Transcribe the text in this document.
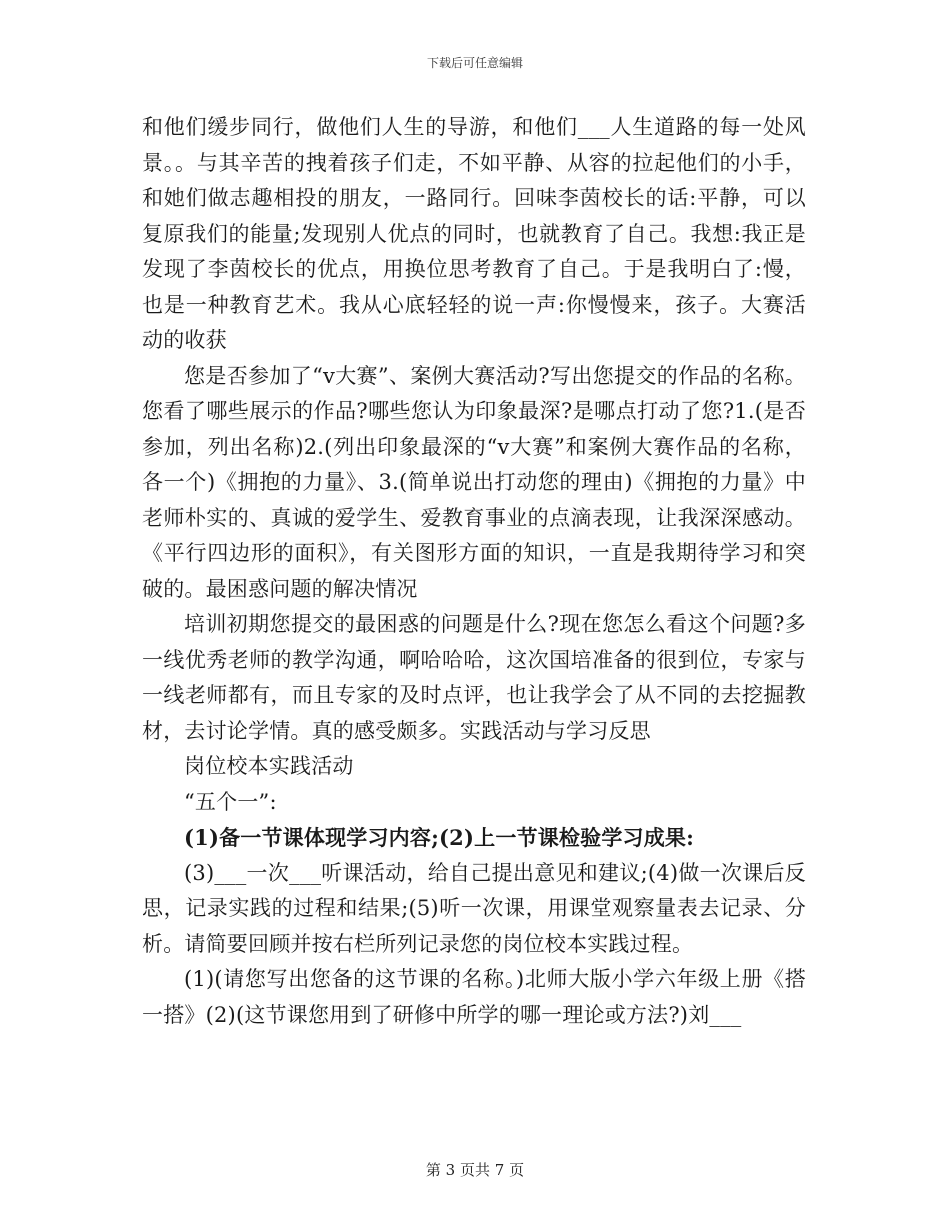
下载后可任意编辑

和他们缓步同行，做他们人生的导游，和他们___人生道路的每一处风景。。与其辛苦的拽着孩子们走，不如平静、从容的拉起他们的小手，和她们做志趣相投的朋友，一路同行。回味李茵校长的话:平静，可以复原我们的能量;发现别人优点的同时，也就教育了自己。我想:我正是发现了李茵校长的优点，用换位思考教育了自己。于是我明白了:慢，也是一种教育艺术。我从心底轻轻的说一声:你慢慢来，孩子。大赛活动的收获

您是否参加了“v大赛”、案例大赛活动?写出您提交的作品的名称。您看了哪些展示的作品?哪些您认为印象最深?是哪点打动了您?1.(是否参加，列出名称)2.(列出印象最深的“v大赛”和案例大赛作品的名称，各一个)《拥抱的力量》、3.(简单说出打动您的理由)《拥抱的力量》中老师朴实的、真诚的爱学生、爱教育事业的点滴表现，让我深深感动。《平行四边形的面积》，有关图形方面的知识，一直是我期待学习和突破的。最困惑问题的解决情况

培训初期您提交的最困惑的问题是什么?现在您怎么看这个问题?多一线优秀老师的教学沟通，啊哈哈哈，这次国培准备的很到位，专家与一线老师都有，而且专家的及时点评，也让我学会了从不同的去挖掘教材，去讨论学情。真的感受颇多。实践活动与学习反思

岗位校本实践活动

“五个一”:

(1)备一节课体现学习内容;(2)上一节课检验学习成果:

(3)___一次___听课活动，给自己提出意见和建议;(4)做一次课后反思，记录实践的过程和结果;(5)听一次课，用课堂观察量表去记录、分析。请简要回顾并按右栏所列记录您的岗位校本实践过程。

(1)(请您写出您备的这节课的名称。)北师大版小学六年级上册《搭一搭》(2)(这节课您用到了研修中所学的哪一理论或方法?)刘___

第 3 页共 7 页
